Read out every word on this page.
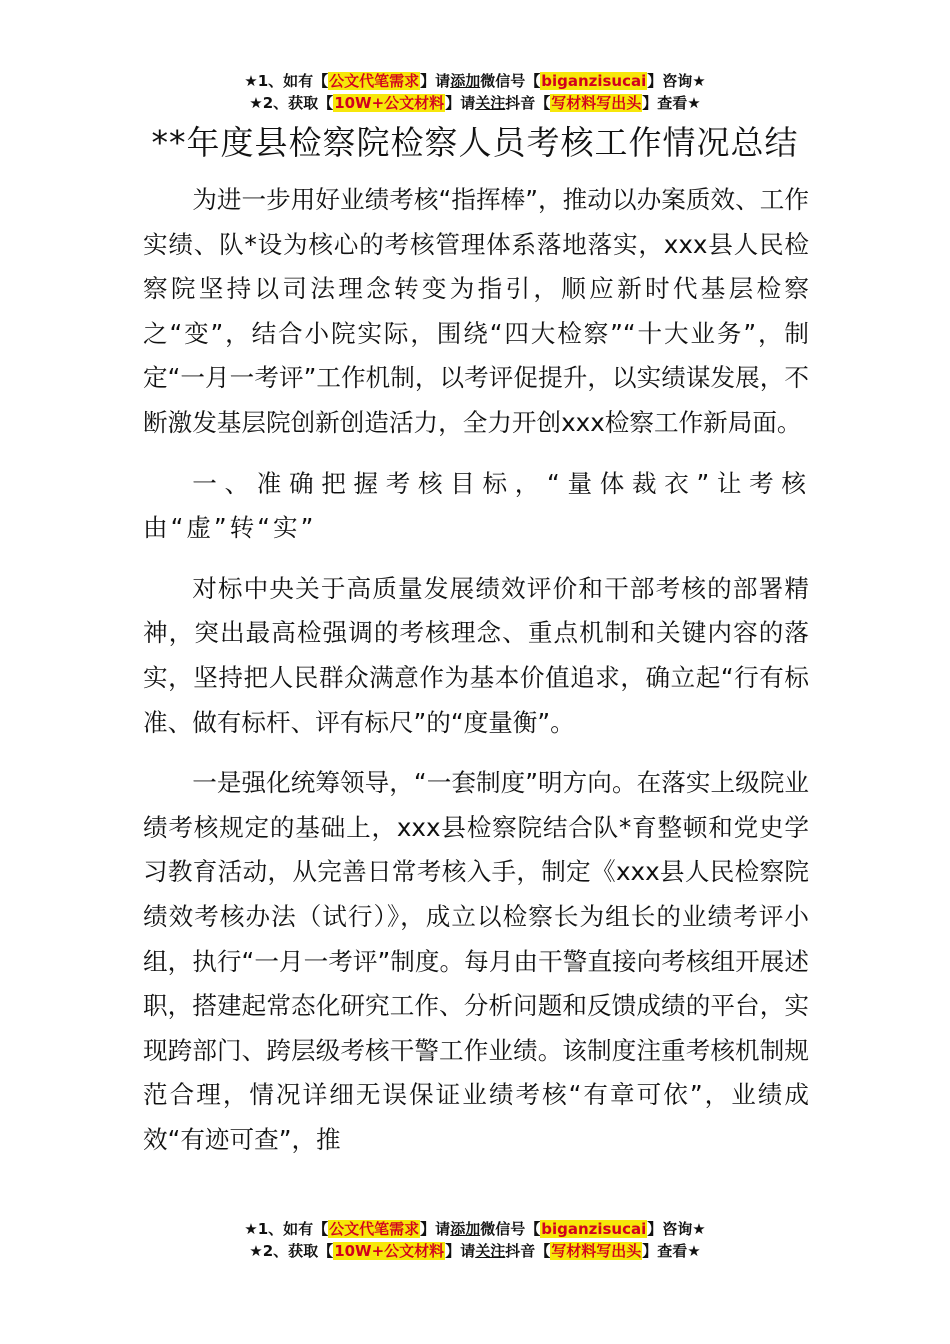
★1、如有【公文代笔需求】请添加微信号【biganzisucai】咨询★
★2、获取【10W+公文材料】请关注抖音【写材料写出头】查看★
**年度县检察院检察人员考核工作情况总结

为进一步用好业绩考核“指挥棒”，推动以办案质效、工作实绩、队*设为核心的考核管理体系落地落实，xxx县人民检察院坚持以司法理念转变为指引，顺应新时代基层检察之“变”，结合小院实际，围绕“四大检察”“十大业务”，制定“一月一考评”工作机制，以考评促提升，以实绩谋发展，不断激发基层院创新创造活力，全力开创xxx检察工作新局面。

一、准确把握考核目标，“量体裁衣”让考核由“虚”转“实”

对标中央关于高质量发展绩效评价和干部考核的部署精神，突出最高检强调的考核理念、重点机制和关键内容的落实，坚持把人民群众满意作为基本价值追求，确立起“行有标准、做有标杆、评有标尺”的“度量衡”。

一是强化统筹领导，“一套制度”明方向。在落实上级院业绩考核规定的基础上，xxx县检察院结合队*育整顿和党史学习教育活动，从完善日常考核入手，制定《xxx县人民检察院绩效考核办法（试行）》，成立以检察长为组长的业绩考评小组，执行“一月一考评”制度。每月由干警直接向考核组开展述职，搭建起常态化研究工作、分析问题和反馈成绩的平台，实现跨部门、跨层级考核干警工作业绩。该制度注重考核机制规范合理，情况详细无误保证业绩考核“有章可依”，业绩成效“有迹可查”，推

★1、如有【公文代笔需求】请添加微信号【biganzisucai】咨询★
★2、获取【10W+公文材料】请关注抖音【写材料写出头】查看★
